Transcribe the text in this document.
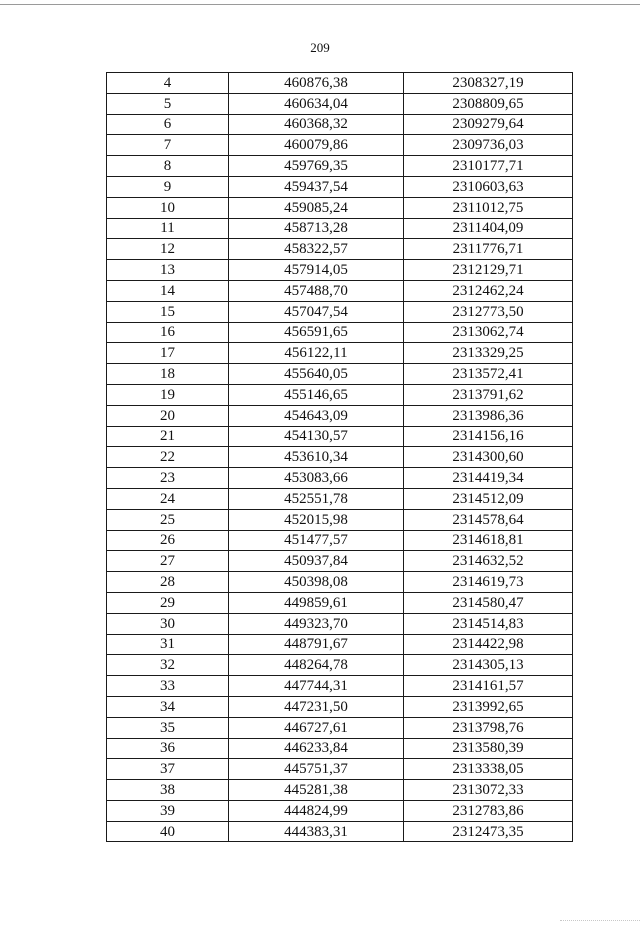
209
4	460876,38	2308327,19
5	460634,04	2308809,65
6	460368,32	2309279,64
7	460079,86	2309736,03
8	459769,35	2310177,71
9	459437,54	2310603,63
10	459085,24	2311012,75
11	458713,28	2311404,09
12	458322,57	2311776,71
13	457914,05	2312129,71
14	457488,70	2312462,24
15	457047,54	2312773,50
16	456591,65	2313062,74
17	456122,11	2313329,25
18	455640,05	2313572,41
19	455146,65	2313791,62
20	454643,09	2313986,36
21	454130,57	2314156,16
22	453610,34	2314300,60
23	453083,66	2314419,34
24	452551,78	2314512,09
25	452015,98	2314578,64
26	451477,57	2314618,81
27	450937,84	2314632,52
28	450398,08	2314619,73
29	449859,61	2314580,47
30	449323,70	2314514,83
31	448791,67	2314422,98
32	448264,78	2314305,13
33	447744,31	2314161,57
34	447231,50	2313992,65
35	446727,61	2313798,76
36	446233,84	2313580,39
37	445751,37	2313338,05
38	445281,38	2313072,33
39	444824,99	2312783,86
40	444383,31	2312473,35
